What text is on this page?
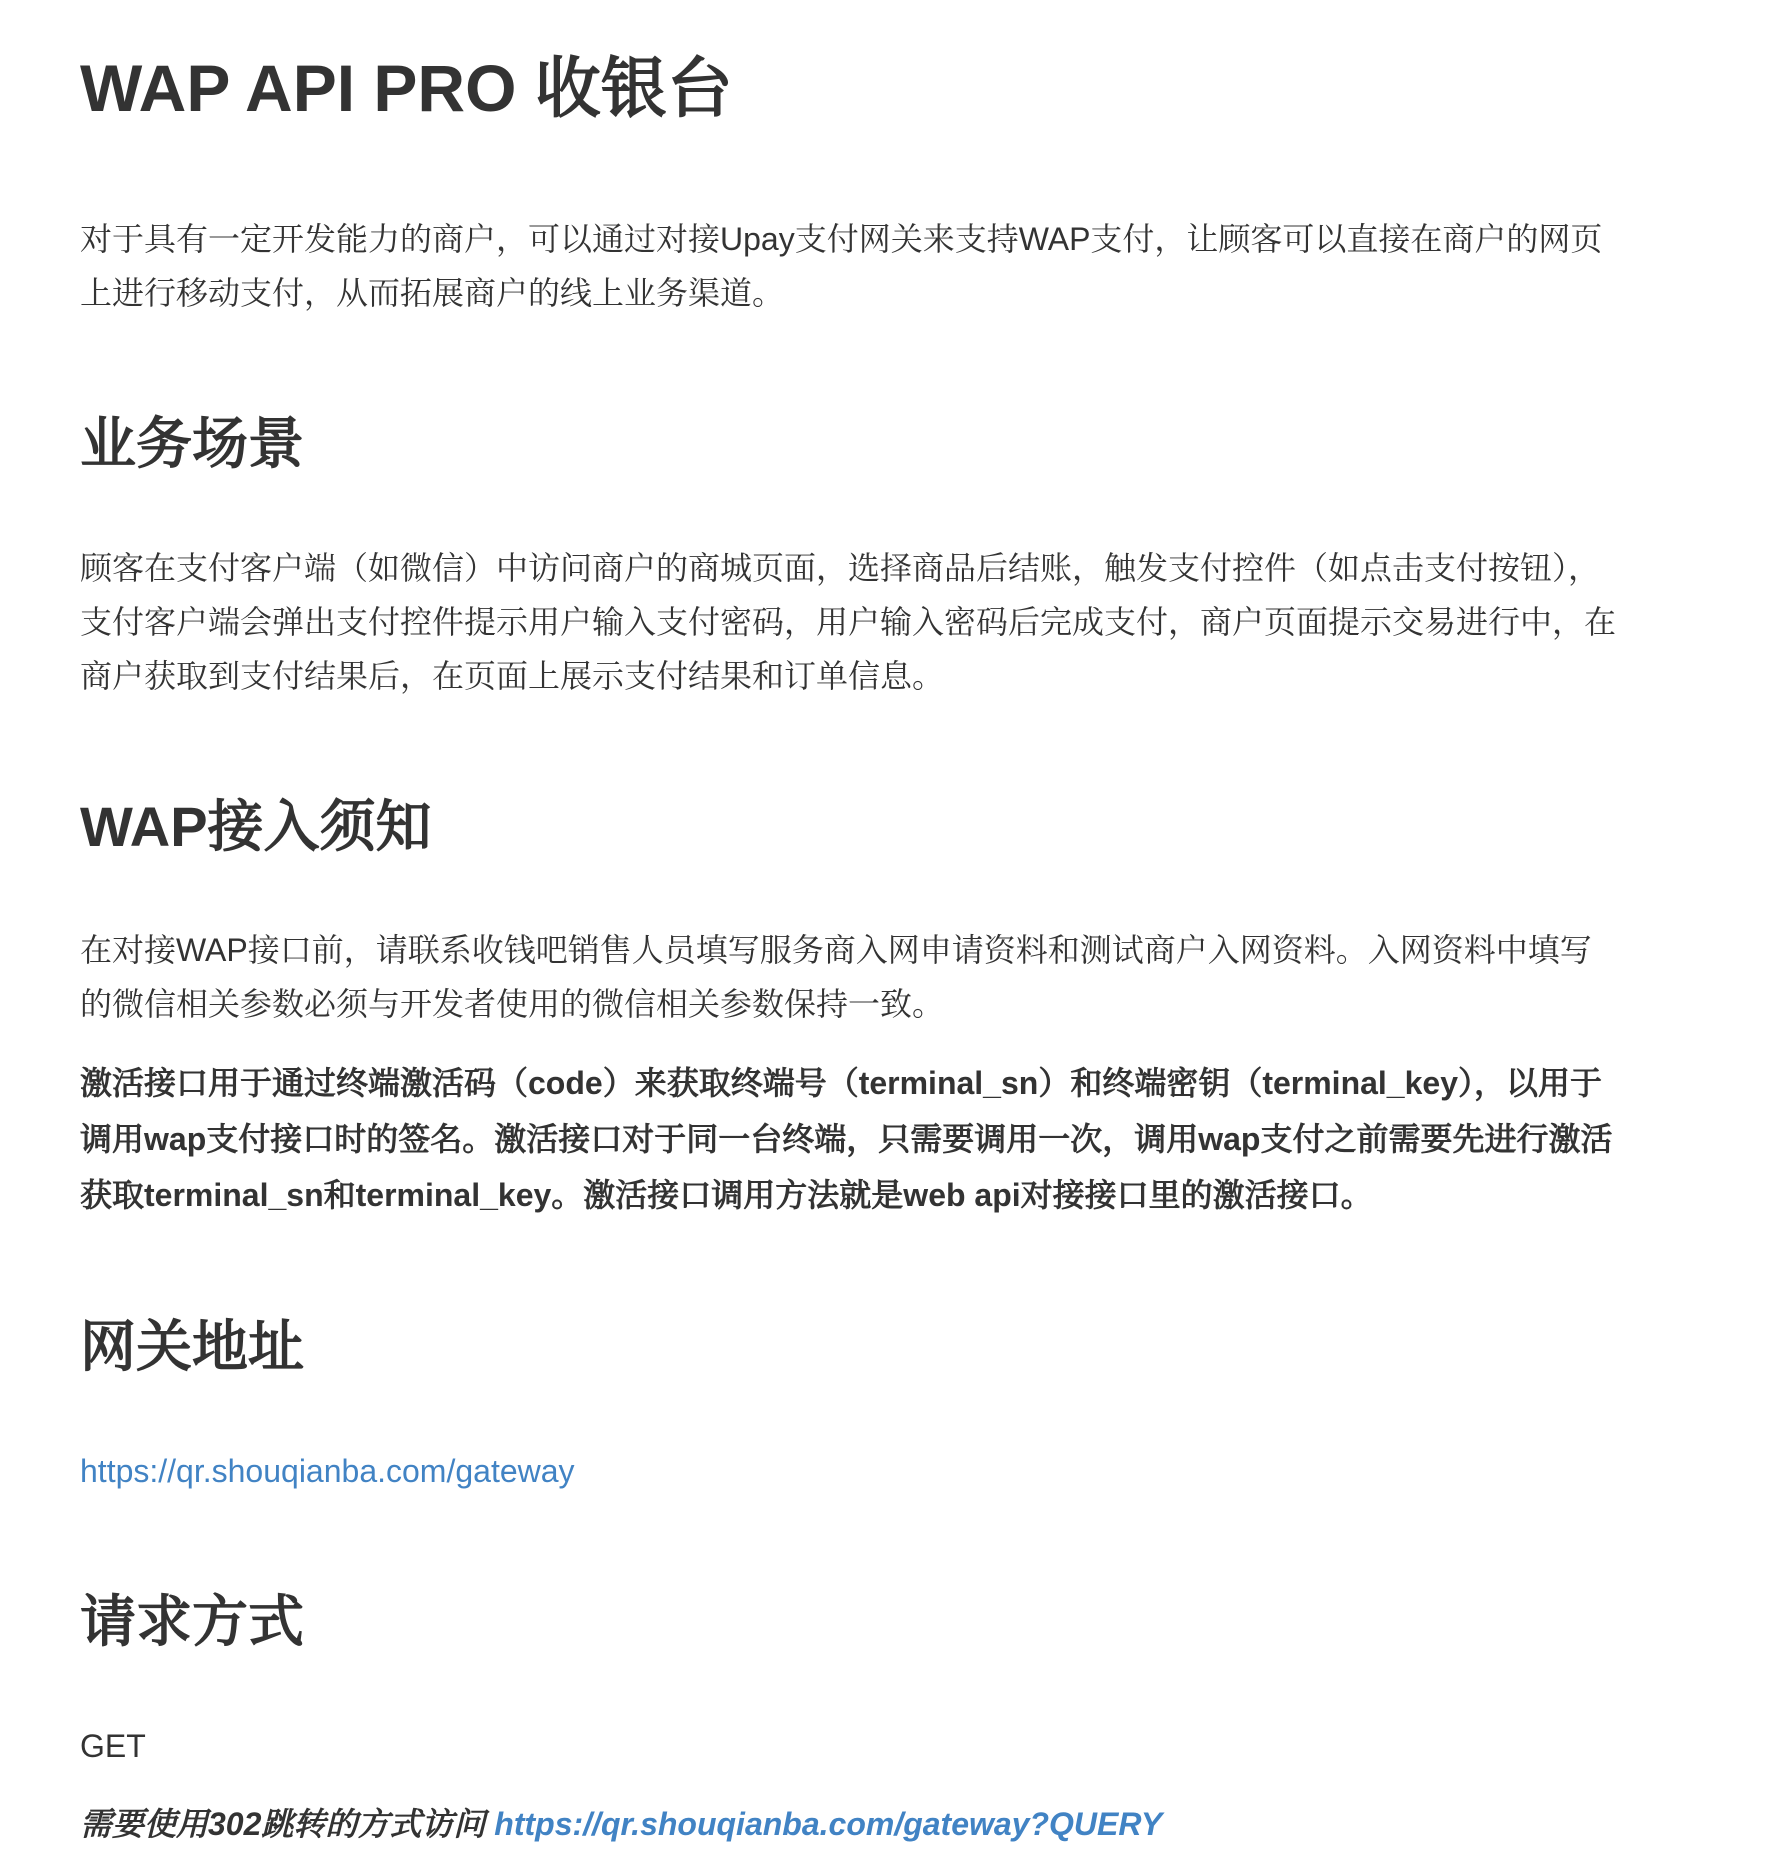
WAP API PRO 收银台

对于具有一定开发能力的商户，可以通过对接Upay支付网关来支持WAP支付，让顾客可以直接在商户的网页上进行移动支付，从而拓展商户的线上业务渠道。

业务场景

顾客在支付客户端（如微信）中访问商户的商城页面，选择商品后结账，触发支付控件（如点击支付按钮），支付客户端会弹出支付控件提示用户输入支付密码，用户输入密码后完成支付，商户页面提示交易进行中，在商户获取到支付结果后，在页面上展示支付结果和订单信息。

WAP接入须知

在对接WAP接口前，请联系收钱吧销售人员填写服务商入网申请资料和测试商户入网资料。入网资料中填写的微信相关参数必须与开发者使用的微信相关参数保持一致。

激活接口用于通过终端激活码（code）来获取终端号（terminal_sn）和终端密钥（terminal_key），以用于调用wap支付接口时的签名。激活接口对于同一台终端，只需要调用一次，调用wap支付之前需要先进行激活获取terminal_sn和terminal_key。激活接口调用方法就是web api对接接口里的激活接口。

网关地址

https://qr.shouqianba.com/gateway

请求方式

GET

需要使用302跳转的方式访问 https://qr.shouqianba.com/gateway?QUERY
